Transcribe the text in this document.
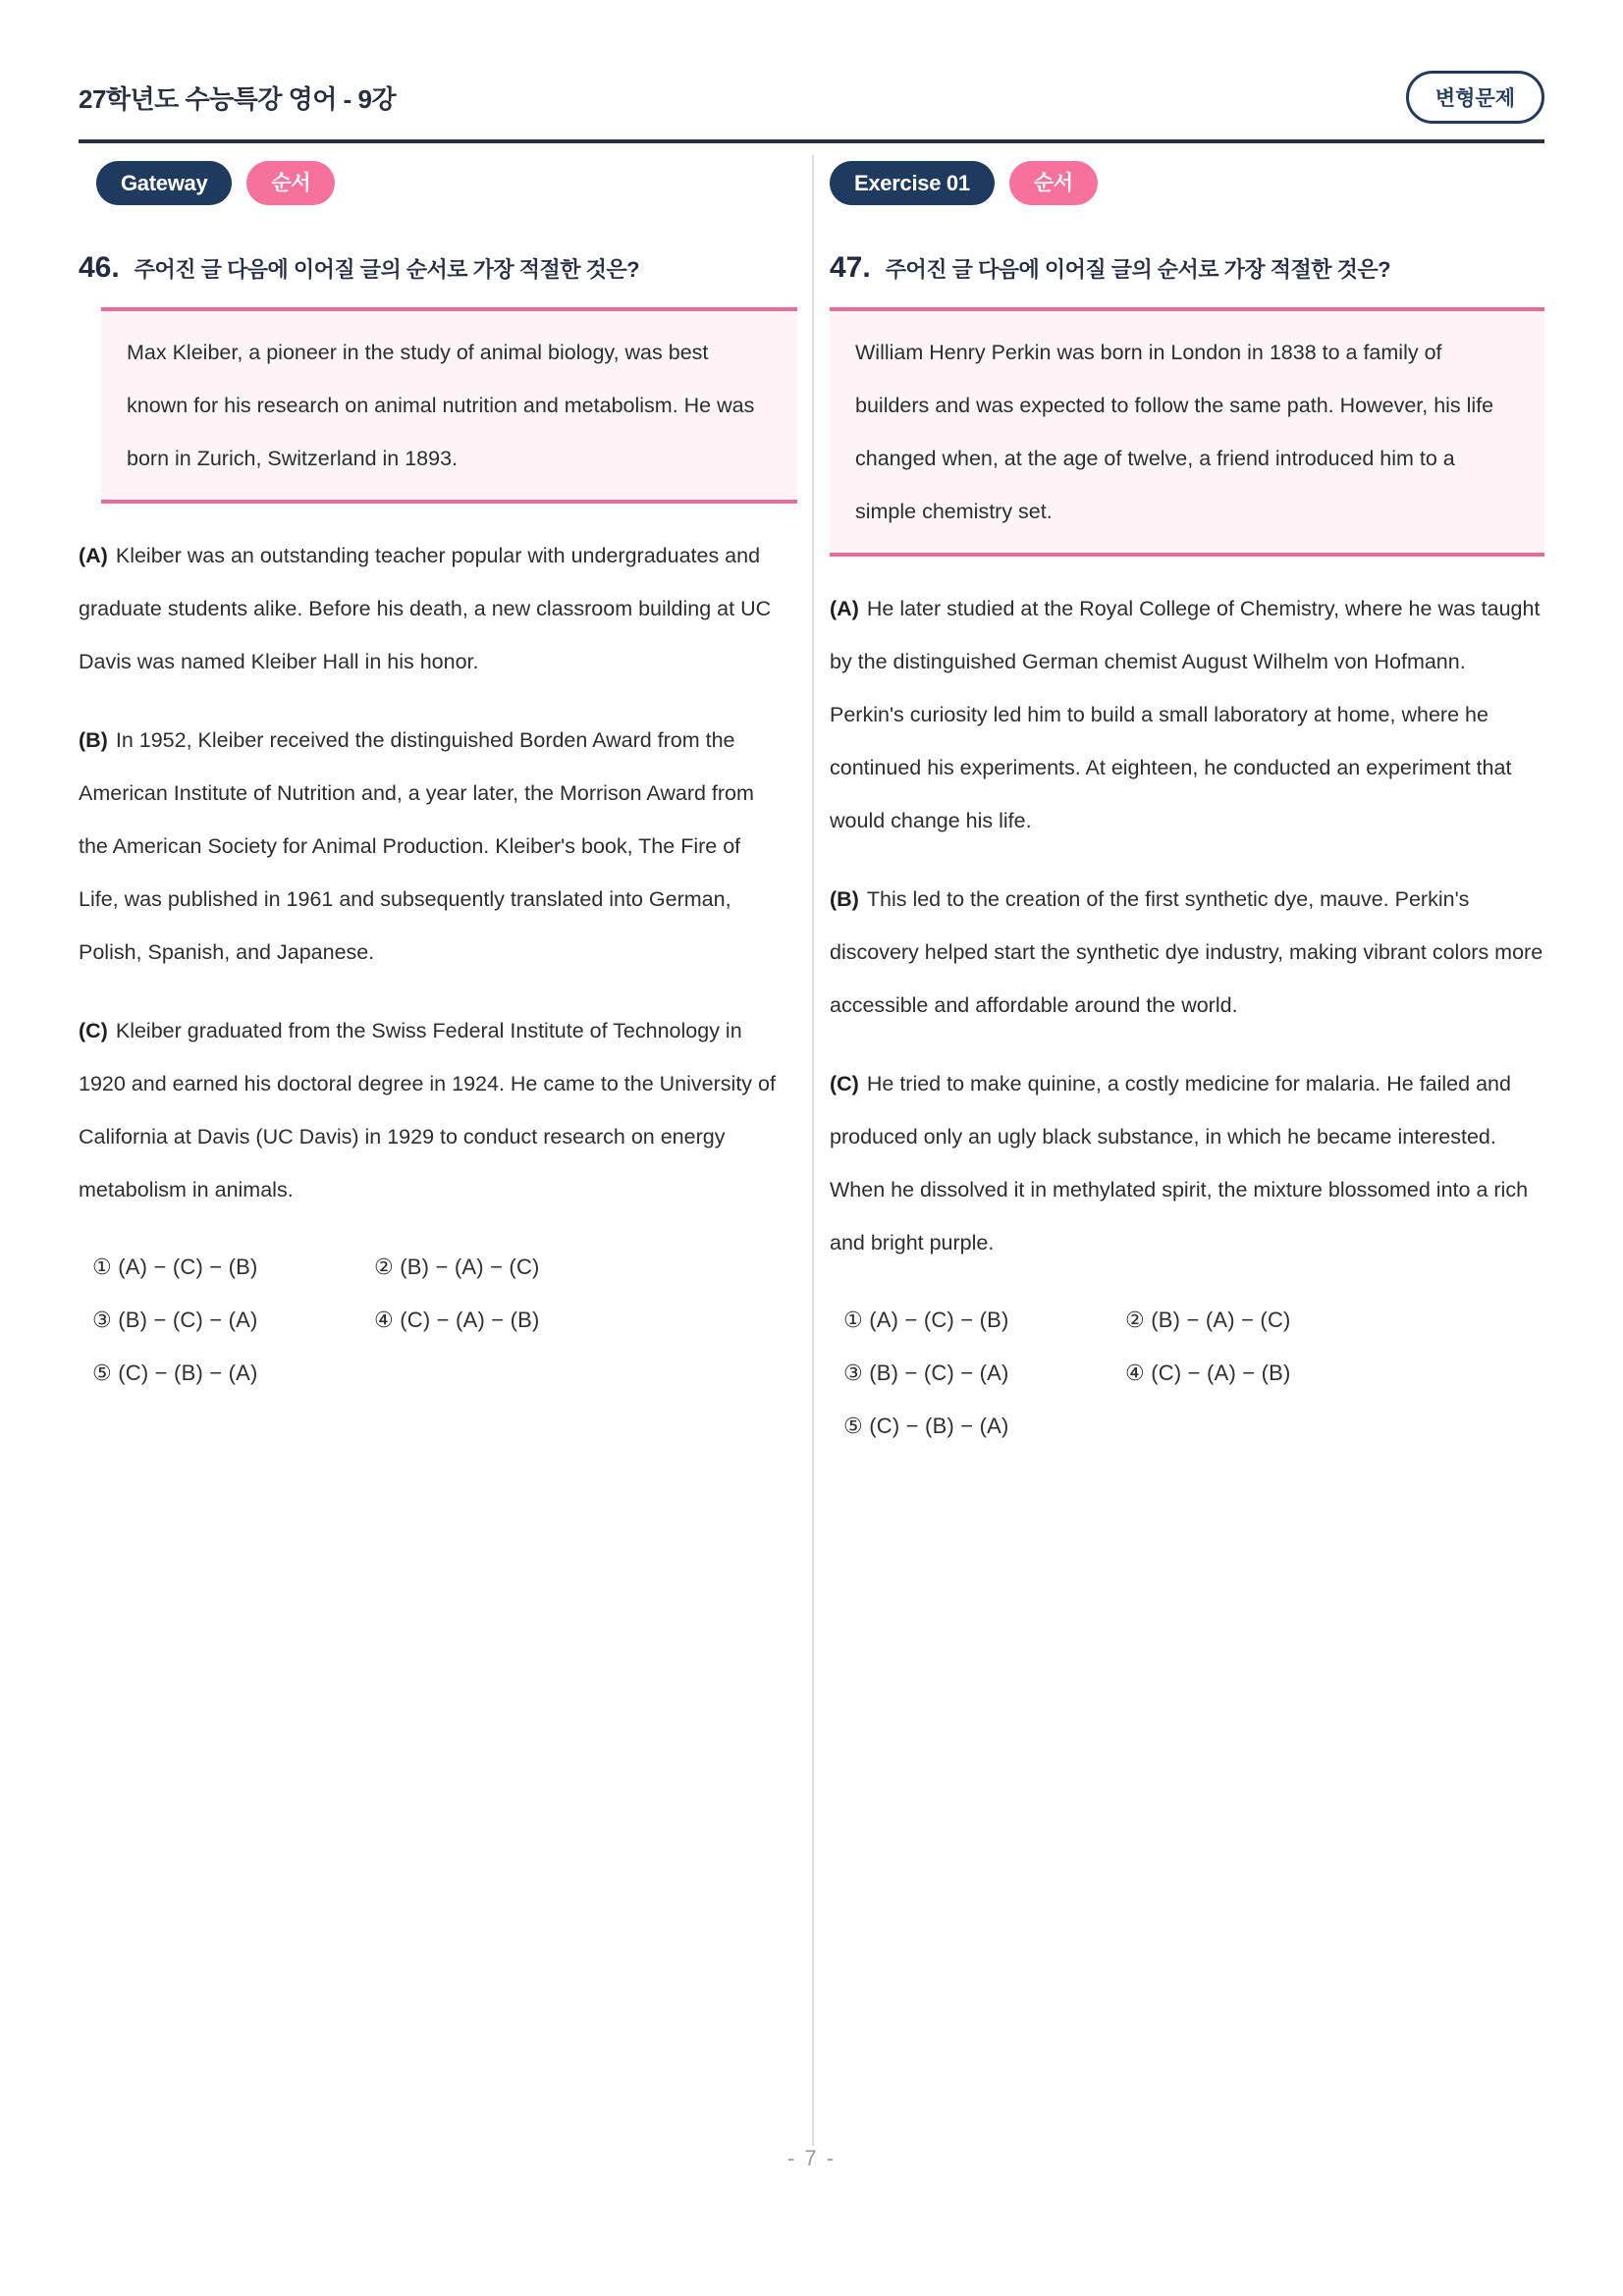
27학년도 수능특강 영어 - 9강	변형문제
Gateway	순서
46. 주어진 글 다음에 이어질 글의 순서로 가장 적절한 것은?
Max Kleiber, a pioneer in the study of animal biology, was best known for his research on animal nutrition and metabolism. He was born in Zurich, Switzerland in 1893.

(A) Kleiber was an outstanding teacher popular with undergraduates and graduate students alike. Before his death, a new classroom building at UC Davis was named Kleiber Hall in his honor.

(B) In 1952, Kleiber received the distinguished Borden Award from the American Institute of Nutrition and, a year later, the Morrison Award from the American Society for Animal Production. Kleiber's book, The Fire of Life, was published in 1961 and subsequently translated into German, Polish, Spanish, and Japanese.

(C) Kleiber graduated from the Swiss Federal Institute of Technology in 1920 and earned his doctoral degree in 1924. He came to the University of California at Davis (UC Davis) in 1929 to conduct research on energy metabolism in animals.

① (A) − (C) − (B)	② (B) − (A) − (C)
③ (B) − (C) − (A)	④ (C) − (A) − (B)
⑤ (C) − (B) − (A)
Exercise 01	순서
47. 주어진 글 다음에 이어질 글의 순서로 가장 적절한 것은?
William Henry Perkin was born in London in 1838 to a family of builders and was expected to follow the same path. However, his life changed when, at the age of twelve, a friend introduced him to a simple chemistry set.

(A) He later studied at the Royal College of Chemistry, where he was taught by the distinguished German chemist August Wilhelm von Hofmann. Perkin's curiosity led him to build a small laboratory at home, where he continued his experiments. At eighteen, he conducted an experiment that would change his life.

(B) This led to the creation of the first synthetic dye, mauve. Perkin's discovery helped start the synthetic dye industry, making vibrant colors more accessible and affordable around the world.

(C) He tried to make quinine, a costly medicine for malaria. He failed and produced only an ugly black substance, in which he became interested. When he dissolved it in methylated spirit, the mixture blossomed into a rich and bright purple.

① (A) − (C) − (B)	② (B) − (A) − (C)
③ (B) − (C) − (A)	④ (C) − (A) − (B)
⑤ (C) − (B) − (A)
- 7 -
